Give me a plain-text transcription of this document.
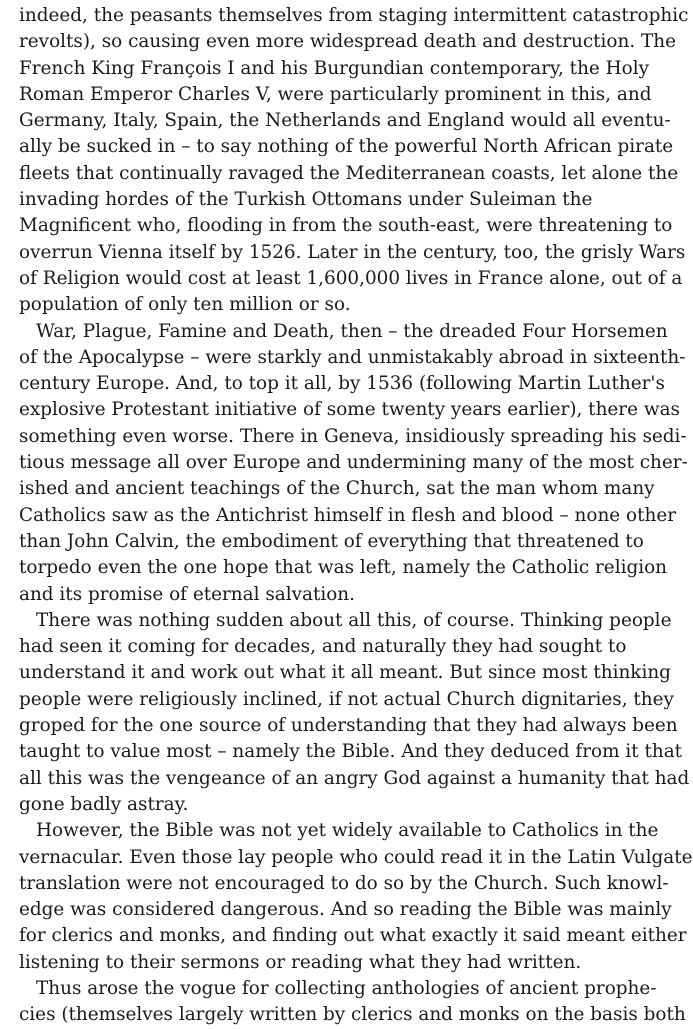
indeed, the peasants themselves from staging intermittent catastrophic
revolts), so causing even more widespread death and destruction. The
French King François I and his Burgundian contemporary, the Holy
Roman Emperor Charles V, were particularly prominent in this, and
Germany, Italy, Spain, the Netherlands and England would all eventu-
ally be sucked in – to say nothing of the powerful North African pirate
fleets that continually ravaged the Mediterranean coasts, let alone the
invading hordes of the Turkish Ottomans under Suleiman the
Magnificent who, flooding in from the south-east, were threatening to
overrun Vienna itself by 1526. Later in the century, too, the grisly Wars
of Religion would cost at least 1,600,000 lives in France alone, out of a
population of only ten million or so.
War, Plague, Famine and Death, then – the dreaded Four Horsemen
of the Apocalypse – were starkly and unmistakably abroad in sixteenth-
century Europe. And, to top it all, by 1536 (following Martin Luther's
explosive Protestant initiative of some twenty years earlier), there was
something even worse. There in Geneva, insidiously spreading his sedi-
tious message all over Europe and undermining many of the most cher-
ished and ancient teachings of the Church, sat the man whom many
Catholics saw as the Antichrist himself in flesh and blood – none other
than John Calvin, the embodiment of everything that threatened to
torpedo even the one hope that was left, namely the Catholic religion
and its promise of eternal salvation.
There was nothing sudden about all this, of course. Thinking people
had seen it coming for decades, and naturally they had sought to
understand it and work out what it all meant. But since most thinking
people were religiously inclined, if not actual Church dignitaries, they
groped for the one source of understanding that they had always been
taught to value most – namely the Bible. And they deduced from it that
all this was the vengeance of an angry God against a humanity that had
gone badly astray.
However, the Bible was not yet widely available to Catholics in the
vernacular. Even those lay people who could read it in the Latin Vulgate
translation were not encouraged to do so by the Church. Such knowl-
edge was considered dangerous. And so reading the Bible was mainly
for clerics and monks, and finding out what exactly it said meant either
listening to their sermons or reading what they had written.
Thus arose the vogue for collecting anthologies of ancient prophe-
cies (themselves largely written by clerics and monks on the basis both
